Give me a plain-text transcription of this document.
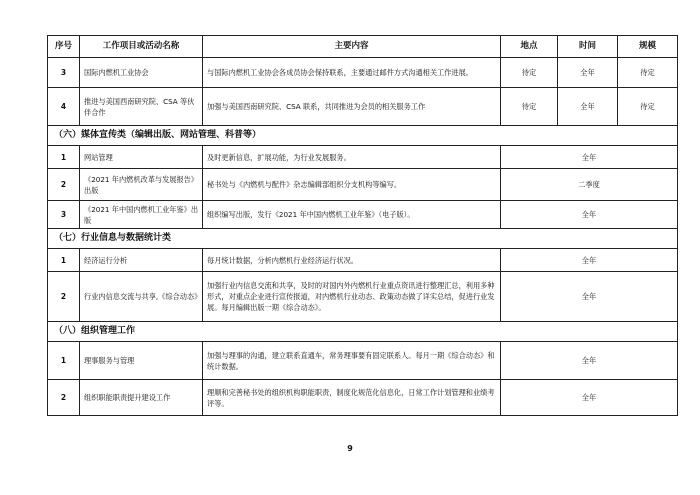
序号	工作项目或活动名称	主要内容	地点	时间	规模
3	国际内燃机工业协会	与国际内燃机工业协会各成员协会保持联系，主要通过邮件方式沟通相关工作进展。	待定	全年	待定
4	推进与美国西南研究院、CSA 等伙伴合作	加强与美国西南研究院、CSA 联系，共同推进为会员的相关服务工作	待定	全年	待定
（六）媒体宣传类（编辑出版、网站管理、科普等）					
1	网站管理	及时更新信息，扩展功能，为行业发展服务。	全年		
2	《2021 年内燃机改革与发展报告》出版	秘书处与《内燃机与配件》杂志编辑部组织分支机构等编写。	二季度		
3	《2021 年中国内燃机工业年鉴》出版	组织编写出版，发行《2021 年中国内燃机工业年鉴》（电子版）。	全年		
（七）行业信息与数据统计类					
1	经济运行分析	每月统计数据，分析内燃机行业经济运行状况。	全年		
2	行业内信息交流与共享,《综合动态》	加强行业内信息交流和共享，及时的对国内外内燃机行业重点资讯进行整理汇总，利用多种形式，对重点企业进行宣传报道，对内燃机行业动态、政策动态做了详实总结，促进行业发展。每月编辑出版一期《综合动态》。	全年		
（八）组织管理工作					
1	理事服务与管理	加强与理事的沟通，建立联系直通车，常务理事要有固定联系人。每月一期《综合动态》和统计数据。	全年		
2	组织职能职责提升建设工作	理顺和完善秘书处的组织机构职能职责，制度化规范化信息化，日常工作计划管理和业绩考评等。	全年		
9
